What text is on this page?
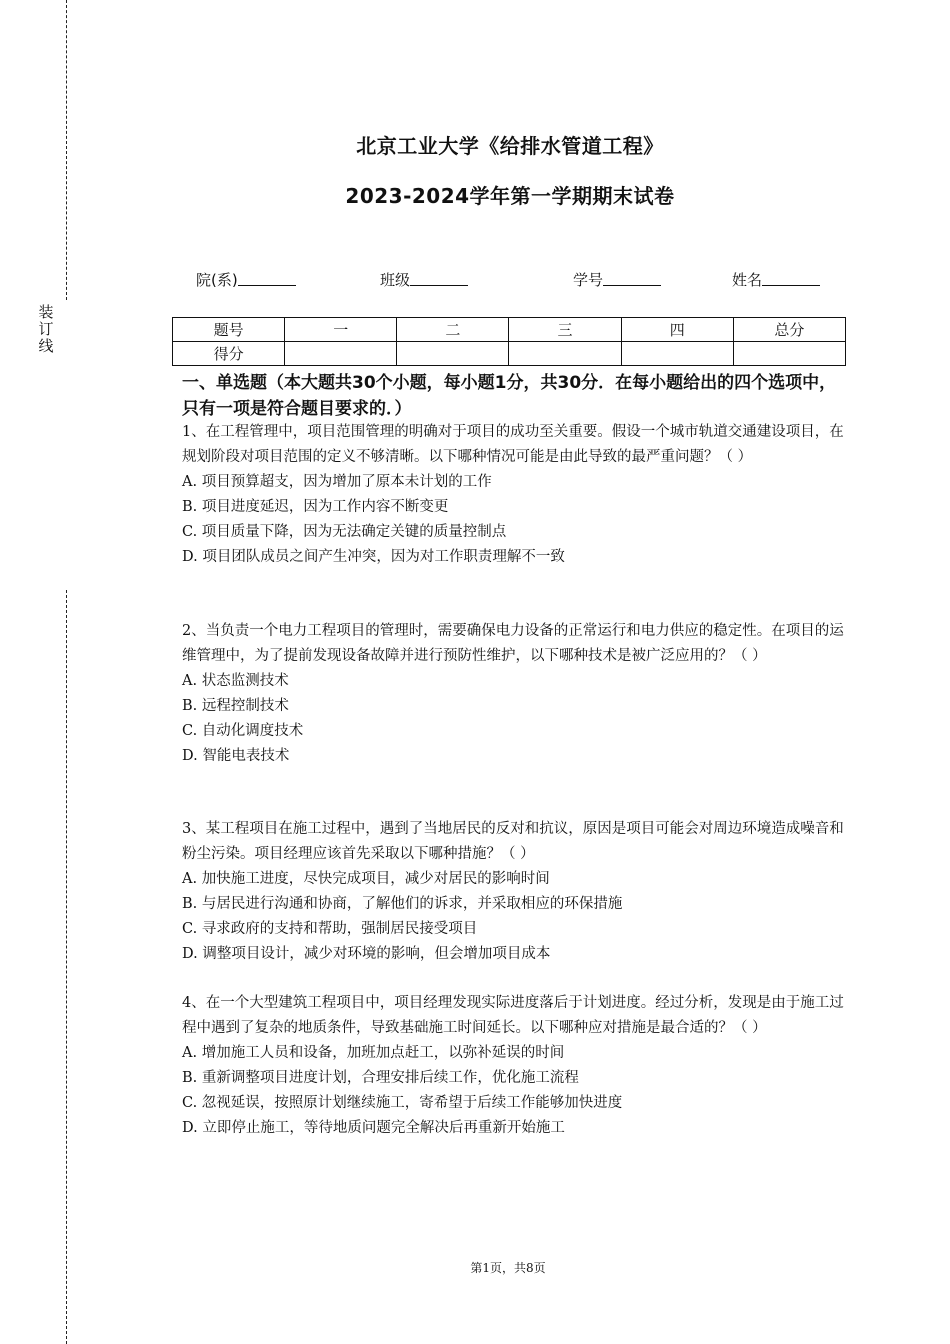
装订线
北京工业大学《给排水管道工程》
2023-2024学年第一学期期末试卷
院(系)	班级	学号	姓名
题号	一	二	三	四	总分
得分					
一、单选题（本大题共30个小题，每小题1分，共30分．在每小题给出的四个选项中，只有一项是符合题目要求的．）

1、在工程管理中，项目范围管理的明确对于项目的成功至关重要。假设一个城市轨道交通建设项目，在规划阶段对项目范围的定义不够清晰。以下哪种情况可能是由此导致的最严重问题？（ ）

A. 项目预算超支，因为增加了原本未计划的工作

B. 项目进度延迟，因为工作内容不断变更

C. 项目质量下降，因为无法确定关键的质量控制点

D. 项目团队成员之间产生冲突，因为对工作职责理解不一致

2、当负责一个电力工程项目的管理时，需要确保电力设备的正常运行和电力供应的稳定性。在项目的运维管理中，为了提前发现设备故障并进行预防性维护，以下哪种技术是被广泛应用的？（ ）

A. 状态监测技术

B. 远程控制技术

C. 自动化调度技术

D. 智能电表技术

3、某工程项目在施工过程中，遇到了当地居民的反对和抗议，原因是项目可能会对周边环境造成噪音和粉尘污染。项目经理应该首先采取以下哪种措施？（ ）

A. 加快施工进度，尽快完成项目，减少对居民的影响时间

B. 与居民进行沟通和协商，了解他们的诉求，并采取相应的环保措施

C. 寻求政府的支持和帮助，强制居民接受项目

D. 调整项目设计，减少对环境的影响，但会增加项目成本

4、在一个大型建筑工程项目中，项目经理发现实际进度落后于计划进度。经过分析，发现是由于施工过程中遇到了复杂的地质条件，导致基础施工时间延长。以下哪种应对措施是最合适的？（ ）

A. 增加施工人员和设备，加班加点赶工，以弥补延误的时间

B. 重新调整项目进度计划，合理安排后续工作，优化施工流程

C. 忽视延误，按照原计划继续施工，寄希望于后续工作能够加快进度

D. 立即停止施工，等待地质问题完全解决后再重新开始施工

第1页，共8页
